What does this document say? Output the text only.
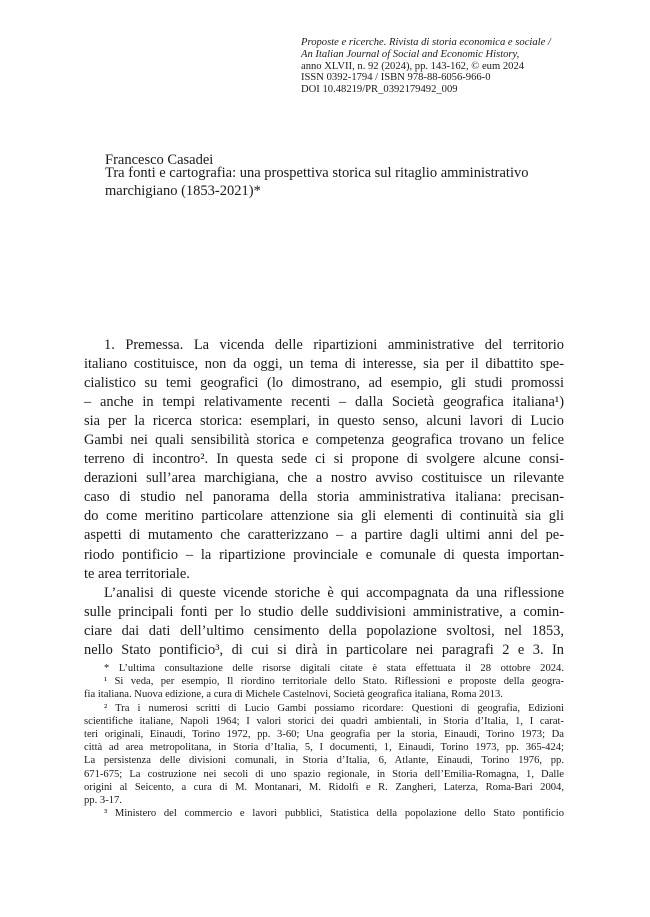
Proposte e ricerche. Rivista di storia economica e sociale /
An Italian Journal of Social and Economic History,
anno XLVII, n. 92 (2024), pp. 143-162, © eum 2024
ISSN 0392-1794 / ISBN 978-88-6056-966-0
DOI 10.48219/PR_0392179492_009
Francesco Casadei
Tra fonti e cartografia: una prospettiva storica sul ritaglio amministrativo
marchigiano (1853-2021)*
1. Premessa. La vicenda delle ripartizioni amministrative del territorio
italiano costituisce, non da oggi, un tema di interesse, sia per il dibattito spe-
cialistico su temi geografici (lo dimostrano, ad esempio, gli studi promossi
– anche in tempi relativamente recenti – dalla Società geografica italiana¹)
sia per la ricerca storica: esemplari, in questo senso, alcuni lavori di Lucio
Gambi nei quali sensibilità storica e competenza geografica trovano un felice
terreno di incontro². In questa sede ci si propone di svolgere alcune consi-
derazioni sull’area marchigiana, che a nostro avviso costituisce un rilevante
caso di studio nel panorama della storia amministrativa italiana: precisan-
do come meritino particolare attenzione sia gli elementi di continuità sia gli
aspetti di mutamento che caratterizzano – a partire dagli ultimi anni del pe-
riodo pontificio – la ripartizione provinciale e comunale di questa importan-
te area territoriale.
L’analisi di queste vicende storiche è qui accompagnata da una riflessione
sulle principali fonti per lo studio delle suddivisioni amministrative, a comin-
ciare dai dati dell’ultimo censimento della popolazione svoltosi, nel 1853,
nello Stato pontificio³, di cui si dirà in particolare nei paragrafi 2 e 3. In
* L’ultima consultazione delle risorse digitali citate è stata effettuata il 28 ottobre 2024.
¹ Si veda, per esempio, Il riordino territoriale dello Stato. Riflessioni e proposte della geogra-
fia italiana. Nuova edizione, a cura di Michele Castelnovi, Società geografica italiana, Roma 2013.
² Tra i numerosi scritti di Lucio Gambi possiamo ricordare: Questioni di geografia, Edizioni
scientifiche italiane, Napoli 1964; I valori storici dei quadri ambientali, in Storia d’Italia, 1, I carat-
teri originali, Einaudi, Torino 1972, pp. 3-60; Una geografia per la storia, Einaudi, Torino 1973; Da
città ad area metropolitana, in Storia d’Italia, 5, I documenti, 1, Einaudi, Torino 1973, pp. 365-424;
La persistenza delle divisioni comunali, in Storia d’Italia, 6, Atlante, Einaudi, Torino 1976, pp.
671-675; La costruzione nei secoli di uno spazio regionale, in Storia dell’Emilia-Romagna, 1, Dalle
origini al Seicento, a cura di M. Montanari, M. Ridolfi e R. Zangheri, Laterza, Roma-Bari 2004,
pp. 3-17.
³ Ministero del commercio e lavori pubblici, Statistica della popolazione dello Stato pontificio
